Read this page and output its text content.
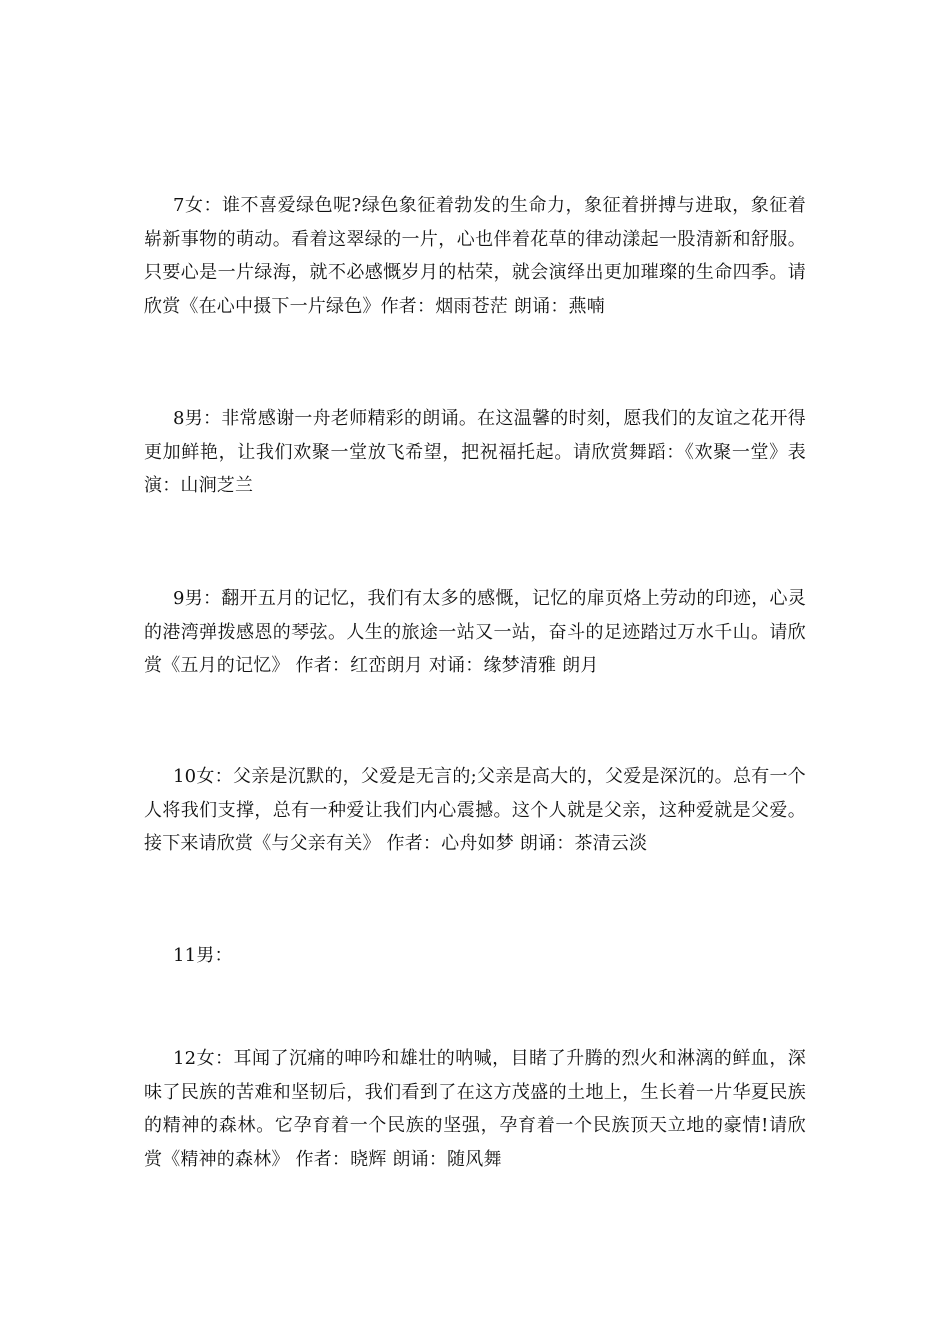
7女：谁不喜爱绿色呢?绿色象征着勃发的生命力，象征着拼搏与进取，象征着崭新事物的萌动。看着这翠绿的一片，心也伴着花草的律动漾起一股清新和舒服。只要心是一片绿海，就不必感慨岁月的枯荣，就会演绎出更加璀璨的生命四季。请欣赏《在心中摄下一片绿色》作者：烟雨苍茫 朗诵：燕喃

8男：非常感谢一舟老师精彩的朗诵。在这温馨的时刻，愿我们的友谊之花开得更加鲜艳，让我们欢聚一堂放飞希望，把祝福托起。请欣赏舞蹈：《欢聚一堂》表演：山涧芝兰

9男：翻开五月的记忆，我们有太多的感慨，记忆的扉页烙上劳动的印迹，心灵的港湾弹拨感恩的琴弦。人生的旅途一站又一站，奋斗的足迹踏过万水千山。请欣赏《五月的记忆》 作者：红峦朗月 对诵：缘梦清雅 朗月

10女：父亲是沉默的，父爱是无言的;父亲是高大的，父爱是深沉的。总有一个人将我们支撑，总有一种爱让我们内心震撼。这个人就是父亲，这种爱就是父爱。接下来请欣赏《与父亲有关》 作者：心舟如梦 朗诵：茶清云淡

11男：

12女：耳闻了沉痛的呻吟和雄壮的呐喊，目睹了升腾的烈火和淋漓的鲜血，深味了民族的苦难和坚韧后，我们看到了在这方茂盛的土地上，生长着一片华夏民族的精神的森林。它孕育着一个民族的坚强，孕育着一个民族顶天立地的豪情!请欣赏《精神的森林》 作者：晓辉 朗诵：随风舞
